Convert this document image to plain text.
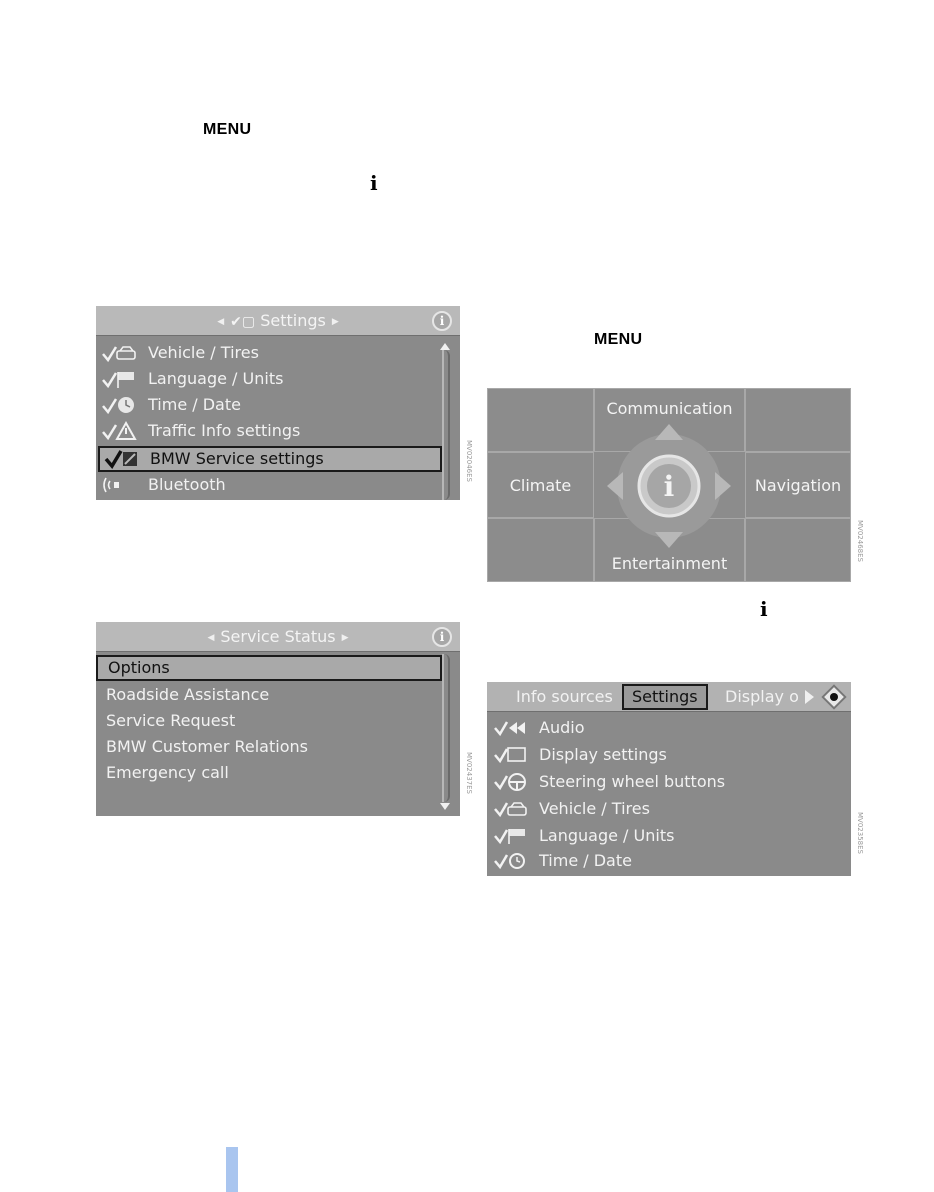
MENU
i
MENU
i
◀ ✔▢ Settings ▶	i
Vehicle / Tires
Language / Units
Time / Date
Traffic Info settings
BMW Service settings
Bluetooth
MV02046ES
◀ Service Status ▶	i
Options
Roadside Assistance
Service Request
BMW Customer Relations
Emergency call	MV02437ES
Communication
Climate	Navigation
Entertainment
i
MV02468ES
Info sources	Settings	Display o
Audio
Display settings
Steering wheel buttons
Vehicle / Tires
Language / Units
Time / Date
MV02358ES
